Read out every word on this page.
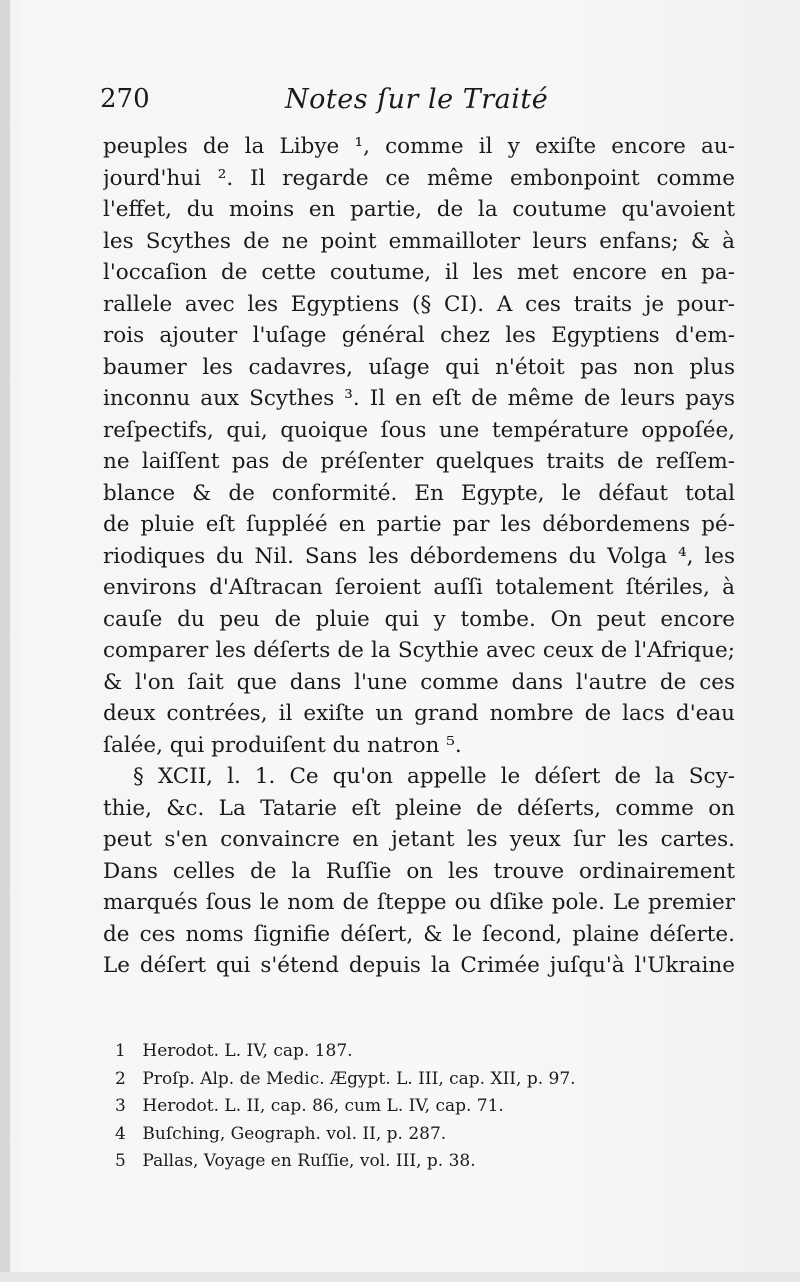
270	Notes ſur le Traité
peuples de la Libye ¹, comme il y exiſte encore au-
jourd'hui ². Il regarde ce même embonpoint comme
l'effet, du moins en partie, de la coutume qu'avoient
les Scythes de ne point emmailloter leurs enfans; & à
l'occaſion de cette coutume, il les met encore en pa-
rallele avec les Egyptiens (§ CI). A ces traits je pour-
rois ajouter l'uſage général chez les Egyptiens d'em-
baumer les cadavres, uſage qui n'étoit pas non plus
inconnu aux Scythes ³. Il en eſt de même de leurs pays
reſpectifs, qui, quoique ſous une température oppoſée,
ne laiſſent pas de préſenter quelques traits de reſſem-
blance & de conformité. En Egypte, le défaut total
de pluie eſt ſuppléé en partie par les débordemens pé-
riodiques du Nil. Sans les débordemens du Volga ⁴, les
environs d'Aſtracan ſeroient auſſi totalement ſtériles, à
cauſe du peu de pluie qui y tombe. On peut encore
comparer les déſerts de la Scythie avec ceux de l'Afrique;
& l'on ſait que dans l'une comme dans l'autre de ces
deux contrées, il exiſte un grand nombre de lacs d'eau
ſalée, qui produiſent du natron ⁵.
§ XCII, l. 1. Ce qu'on appelle le déſert de la Scy-
thie, &c. La Tatarie eſt pleine de déſerts, comme on
peut s'en convaincre en jetant les yeux ſur les cartes.
Dans celles de la Ruſſie on les trouve ordinairement
marqués ſous le nom de ſteppe ou dſike pole. Le premier
de ces noms ſignifie déſert, & le ſecond, plaine déſerte.
Le déſert qui s'étend depuis la Crimée juſqu'à l'Ukraine
1 Herodot. L. IV, cap. 187.
2 Proſp. Alp. de Medic. Ægypt. L. III, cap. XII, p. 97.
3 Herodot. L. II, cap. 86, cum L. IV, cap. 71.
4 Buſching, Geograph. vol. II, p. 287.
5 Pallas, Voyage en Ruſſie, vol. III, p. 38.
